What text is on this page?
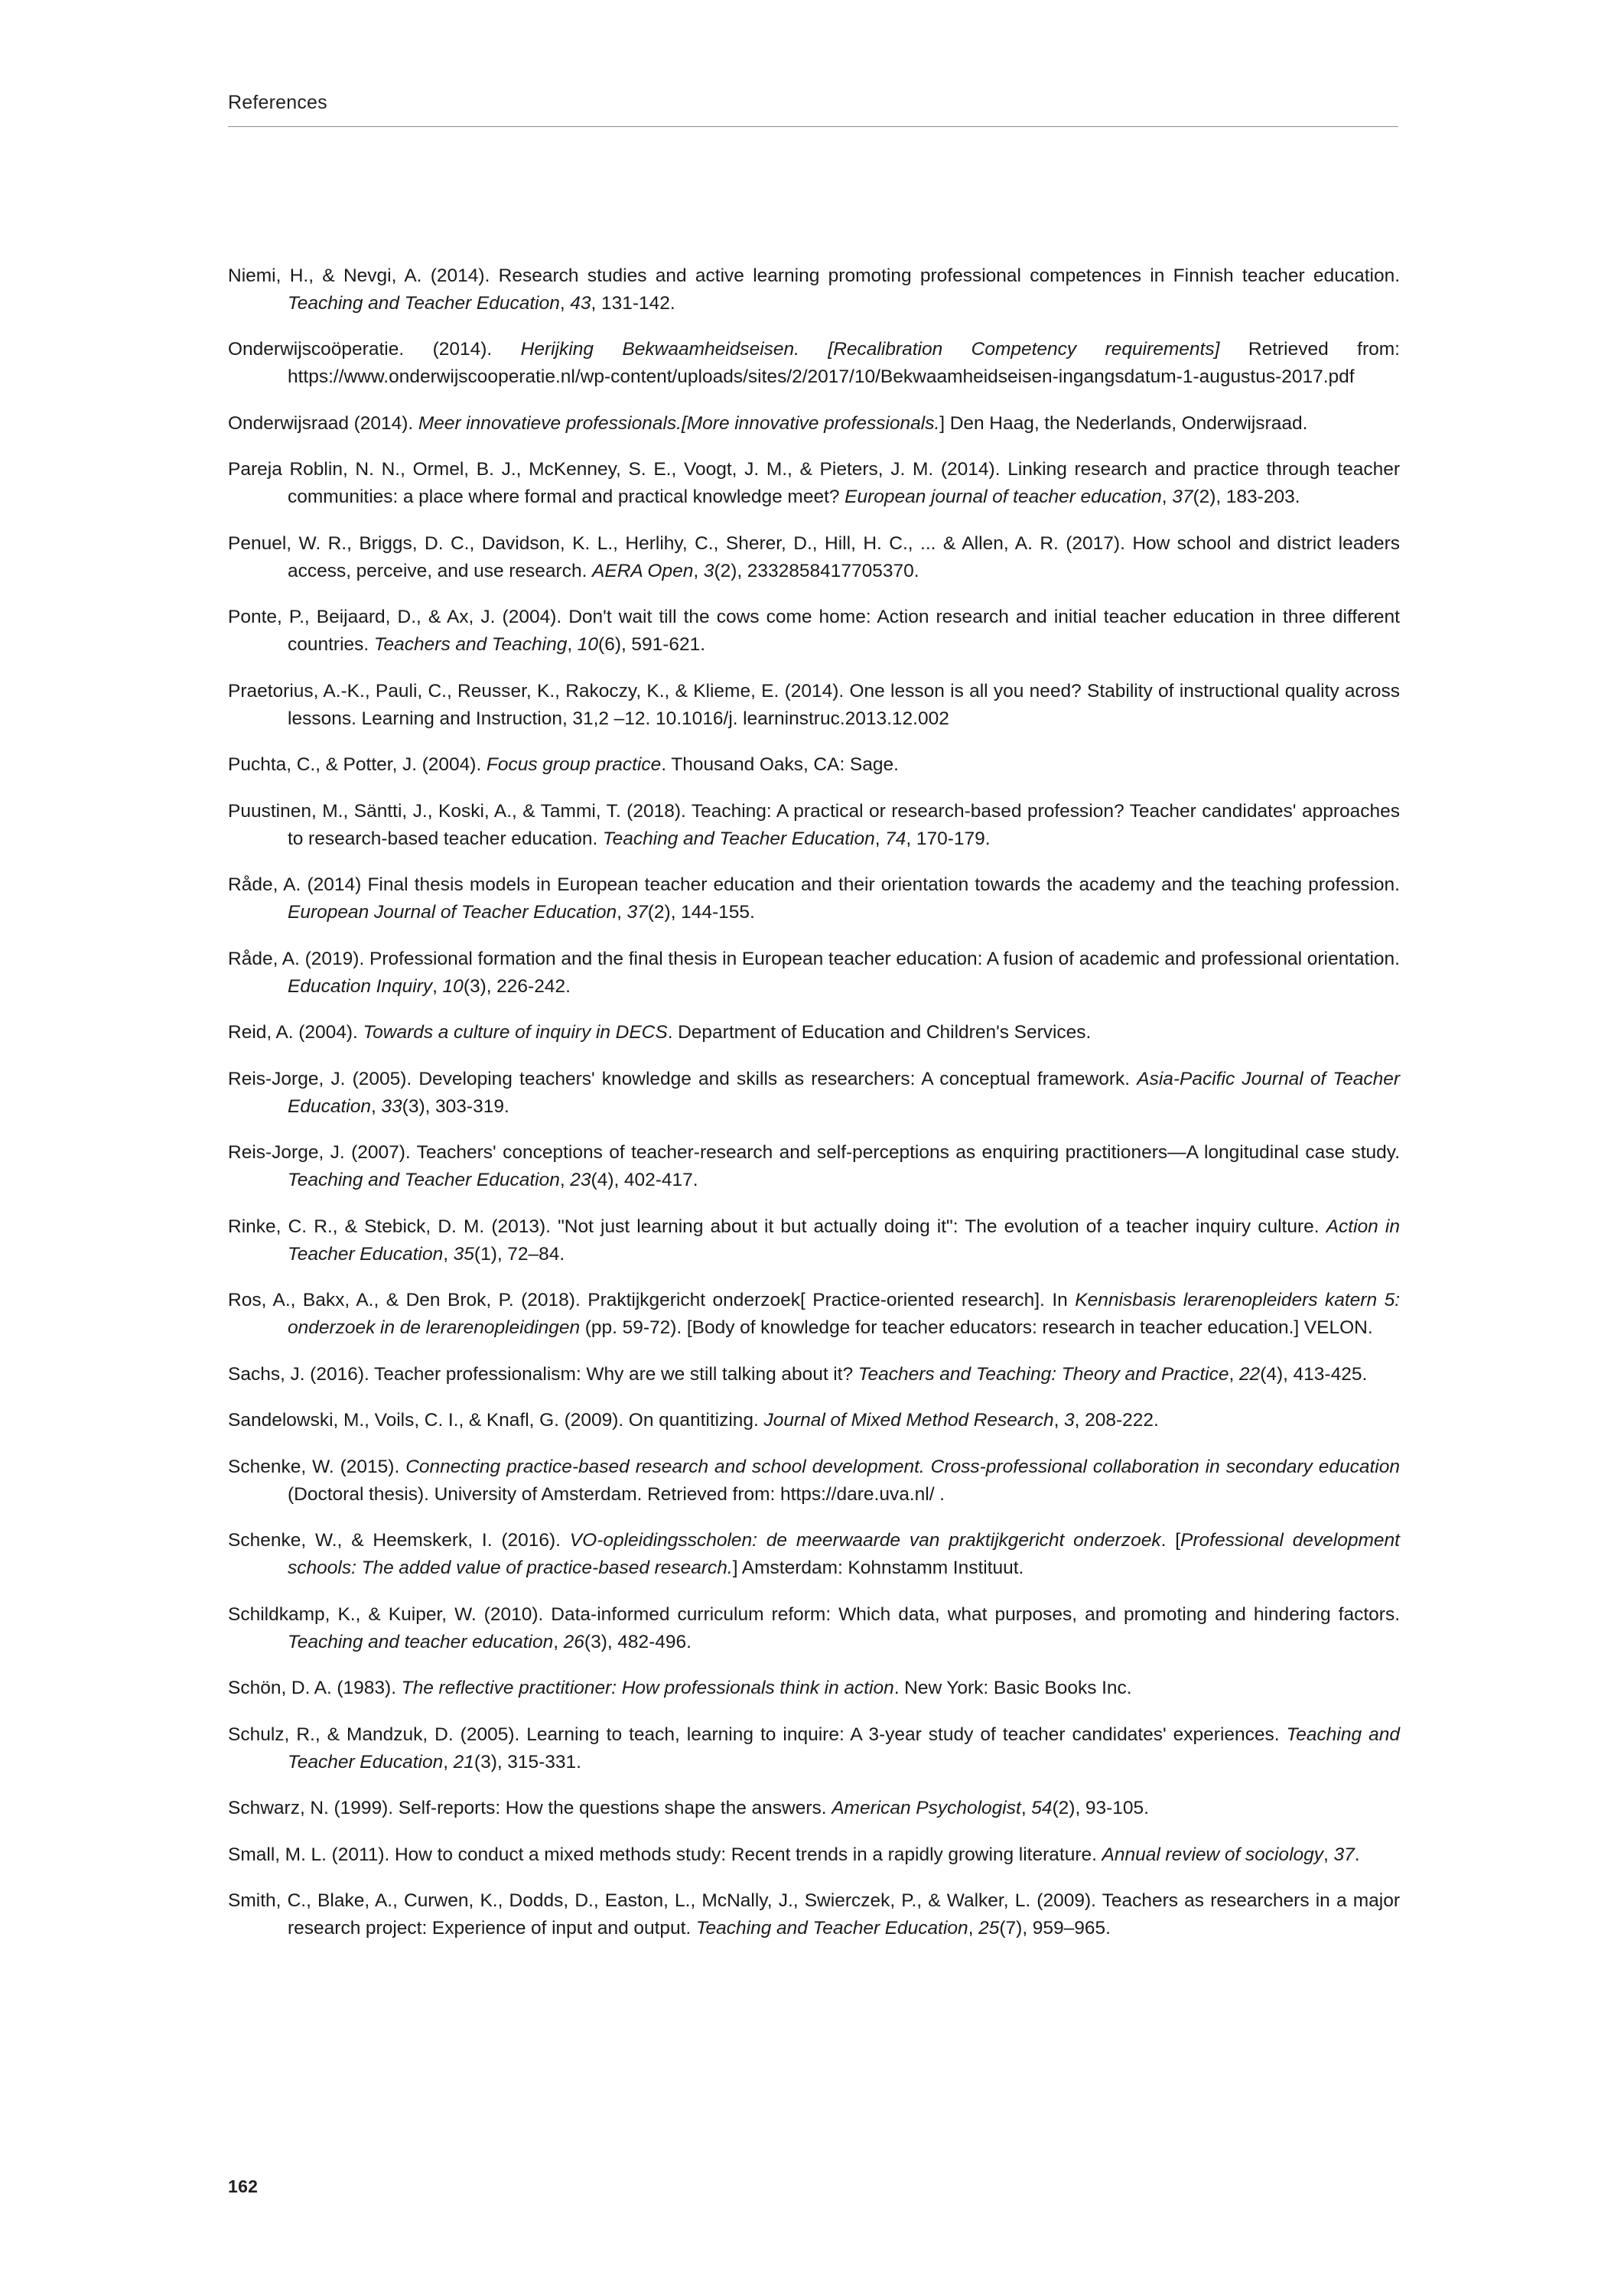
References

Niemi, H., & Nevgi, A. (2014). Research studies and active learning promoting professional competences in Finnish teacher education. Teaching and Teacher Education, 43, 131-142.

Onderwijscoöperatie. (2014). Herijking Bekwaamheidseisen. [Recalibration Competency requirements] Retrieved from: https://www.onderwijscooperatie.nl/wp-content/uploads/sites/2/2017/10/Bekwaamheidseisen-ingangsdatum-1-augustus-2017.pdf

Onderwijsraad (2014). Meer innovatieve professionals.[More innovative professionals.] Den Haag, the Nederlands, Onderwijsraad.

Pareja Roblin, N. N., Ormel, B. J., McKenney, S. E., Voogt, J. M., & Pieters, J. M. (2014). Linking research and practice through teacher communities: a place where formal and practical knowledge meet? European journal of teacher education, 37(2), 183-203.

Penuel, W. R., Briggs, D. C., Davidson, K. L., Herlihy, C., Sherer, D., Hill, H. C., ... & Allen, A. R. (2017). How school and district leaders access, perceive, and use research. AERA Open, 3(2), 2332858417705370.

Ponte, P., Beijaard, D., & Ax, J. (2004). Don't wait till the cows come home: Action research and initial teacher education in three different countries. Teachers and Teaching, 10(6), 591-621.

Praetorius, A.-K., Pauli, C., Reusser, K., Rakoczy, K., & Klieme, E. (2014). One lesson is all you need? Stability of instructional quality across lessons. Learning and Instruction, 31,2 –12. 10.1016/j. learninstruc.2013.12.002

Puchta, C., & Potter, J. (2004). Focus group practice. Thousand Oaks, CA: Sage.

Puustinen, M., Säntti, J., Koski, A., & Tammi, T. (2018). Teaching: A practical or research-based profession? Teacher candidates' approaches to research-based teacher education. Teaching and Teacher Education, 74, 170-179.

Råde, A. (2014) Final thesis models in European teacher education and their orientation towards the academy and the teaching profession. European Journal of Teacher Education, 37(2), 144-155.

Råde, A. (2019). Professional formation and the final thesis in European teacher education: A fusion of academic and professional orientation. Education Inquiry, 10(3), 226-242.

Reid, A. (2004). Towards a culture of inquiry in DECS. Department of Education and Children's Services.

Reis-Jorge, J. (2005). Developing teachers' knowledge and skills as researchers: A conceptual framework. Asia-Pacific Journal of Teacher Education, 33(3), 303-319.

Reis-Jorge, J. (2007). Teachers' conceptions of teacher-research and self-perceptions as enquiring practitioners—A longitudinal case study. Teaching and Teacher Education, 23(4), 402-417.

Rinke, C. R., & Stebick, D. M. (2013). "Not just learning about it but actually doing it": The evolution of a teacher inquiry culture. Action in Teacher Education, 35(1), 72–84.

Ros, A., Bakx, A., & Den Brok, P. (2018). Praktijkgericht onderzoek[ Practice-oriented research]. In Kennisbasis lerarenopleiders katern 5: onderzoek in de lerarenopleidingen (pp. 59-72). [Body of knowledge for teacher educators: research in teacher education.] VELON.

Sachs, J. (2016). Teacher professionalism: Why are we still talking about it? Teachers and Teaching: Theory and Practice, 22(4), 413-425.

Sandelowski, M., Voils, C. I., & Knafl, G. (2009). On quantitizing. Journal of Mixed Method Research, 3, 208-222.

Schenke, W. (2015). Connecting practice-based research and school development. Cross-professional collaboration in secondary education (Doctoral thesis). University of Amsterdam. Retrieved from: https://dare.uva.nl/ .

Schenke, W., & Heemskerk, I. (2016). VO-opleidingsscholen: de meerwaarde van praktijkgericht onderzoek. [Professional development schools: The added value of practice-based research.] Amsterdam: Kohnstamm Instituut.

Schildkamp, K., & Kuiper, W. (2010). Data-informed curriculum reform: Which data, what purposes, and promoting and hindering factors. Teaching and teacher education, 26(3), 482-496.

Schön, D. A. (1983). The reflective practitioner: How professionals think in action. New York: Basic Books Inc.

Schulz, R., & Mandzuk, D. (2005). Learning to teach, learning to inquire: A 3-year study of teacher candidates' experiences. Teaching and Teacher Education, 21(3), 315-331.

Schwarz, N. (1999). Self-reports: How the questions shape the answers. American Psychologist, 54(2), 93-105.

Small, M. L. (2011). How to conduct a mixed methods study: Recent trends in a rapidly growing literature. Annual review of sociology, 37.

Smith, C., Blake, A., Curwen, K., Dodds, D., Easton, L., McNally, J., Swierczek, P., & Walker, L. (2009). Teachers as researchers in a major research project: Experience of input and output. Teaching and Teacher Education, 25(7), 959–965.

162
